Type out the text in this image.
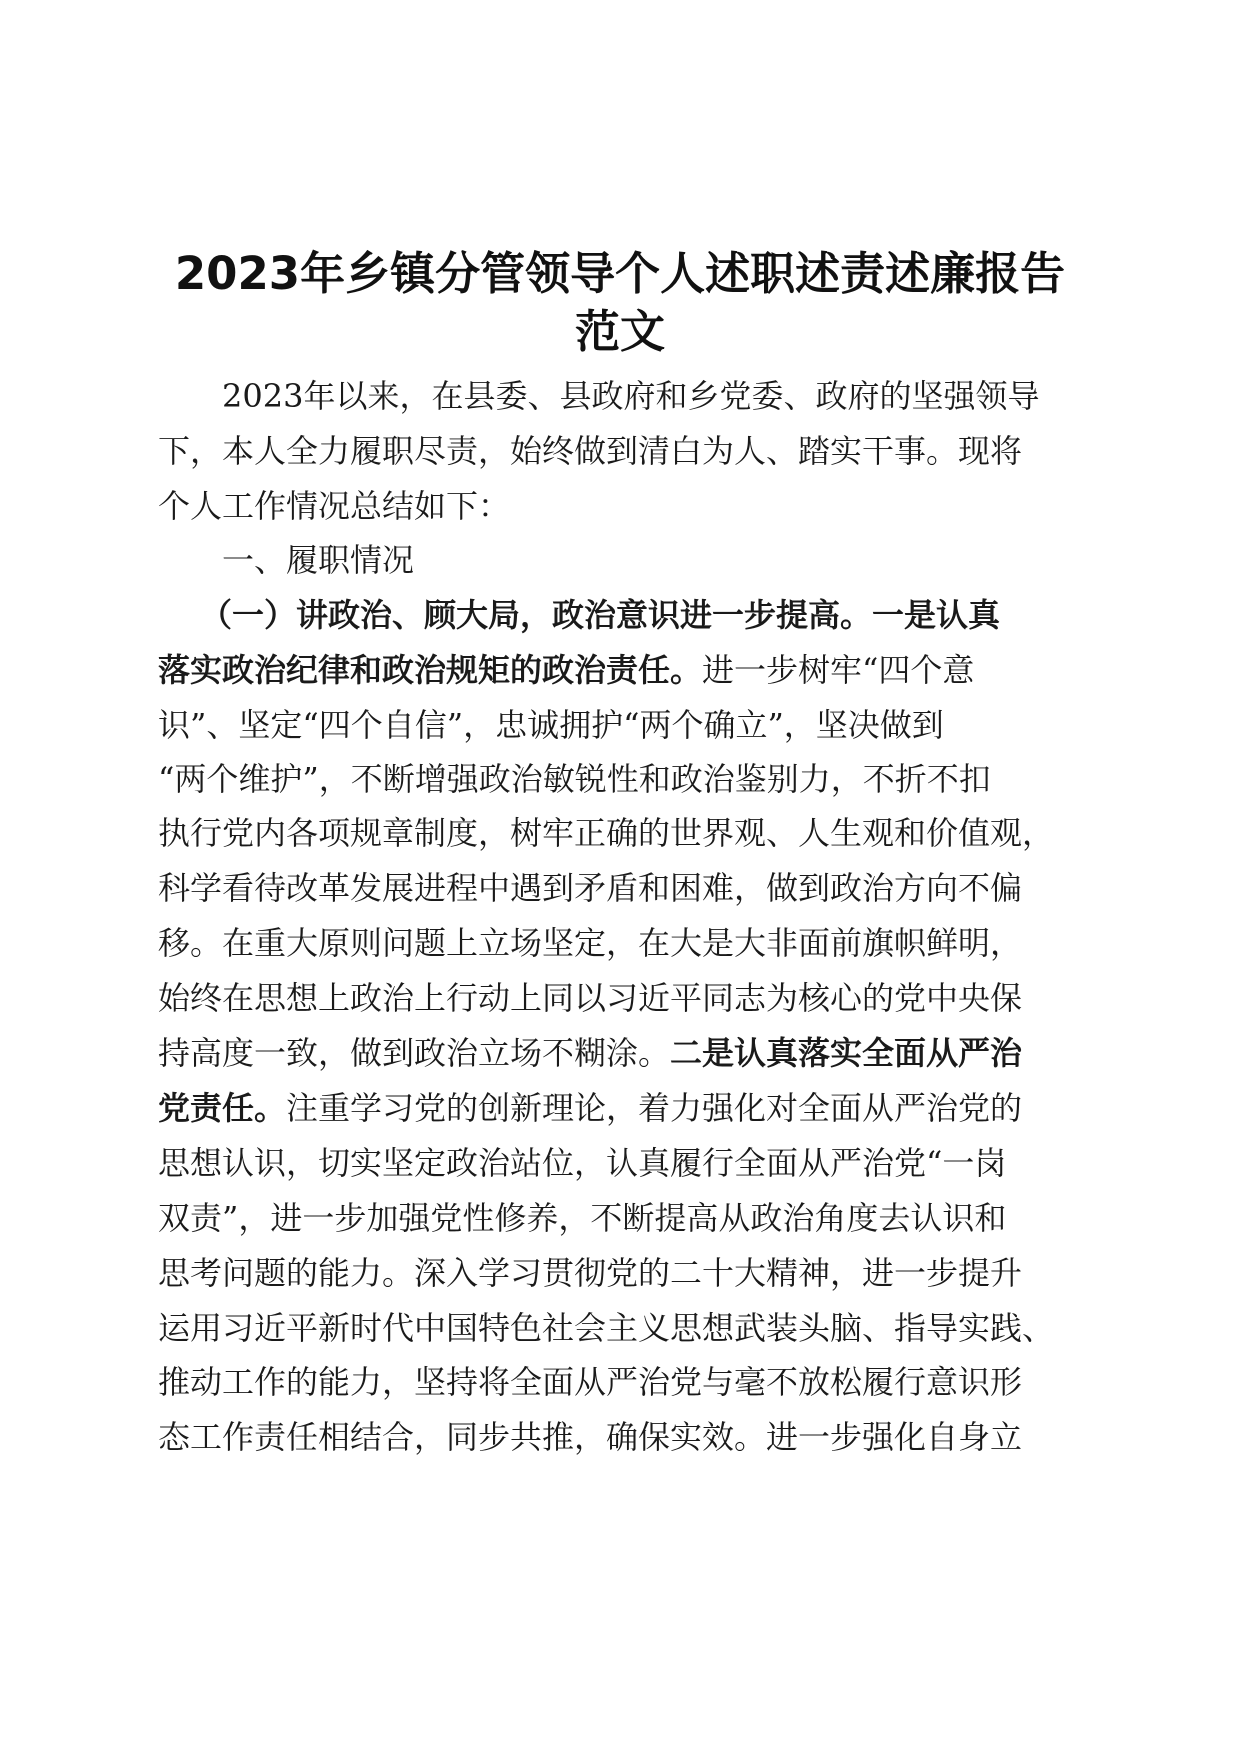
2023年乡镇分管领导个人述职述责述廉报告
范文
2023年以来，在县委、县政府和乡党委、政府的坚强领导
下，本人全力履职尽责，始终做到清白为人、踏实干事。现将
个人工作情况总结如下：
一、履职情况
（一）讲政治、顾大局，政治意识进一步提高。一是认真
落实政治纪律和政治规矩的政治责任。进一步树牢“四个意
识”、坚定“四个自信”，忠诚拥护“两个确立”，坚决做到
“两个维护”，不断增强政治敏锐性和政治鉴别力，不折不扣
执行党内各项规章制度，树牢正确的世界观、人生观和价值观，
科学看待改革发展进程中遇到矛盾和困难，做到政治方向不偏
移。在重大原则问题上立场坚定，在大是大非面前旗帜鲜明，
始终在思想上政治上行动上同以习近平同志为核心的党中央保
持高度一致，做到政治立场不糊涂。二是认真落实全面从严治
党责任。注重学习党的创新理论，着力强化对全面从严治党的
思想认识，切实坚定政治站位，认真履行全面从严治党“一岗
双责”，进一步加强党性修养，不断提高从政治角度去认识和
思考问题的能力。深入学习贯彻党的二十大精神，进一步提升
运用习近平新时代中国特色社会主义思想武装头脑、指导实践、
推动工作的能力，坚持将全面从严治党与毫不放松履行意识形
态工作责任相结合，同步共推，确保实效。进一步强化自身立
